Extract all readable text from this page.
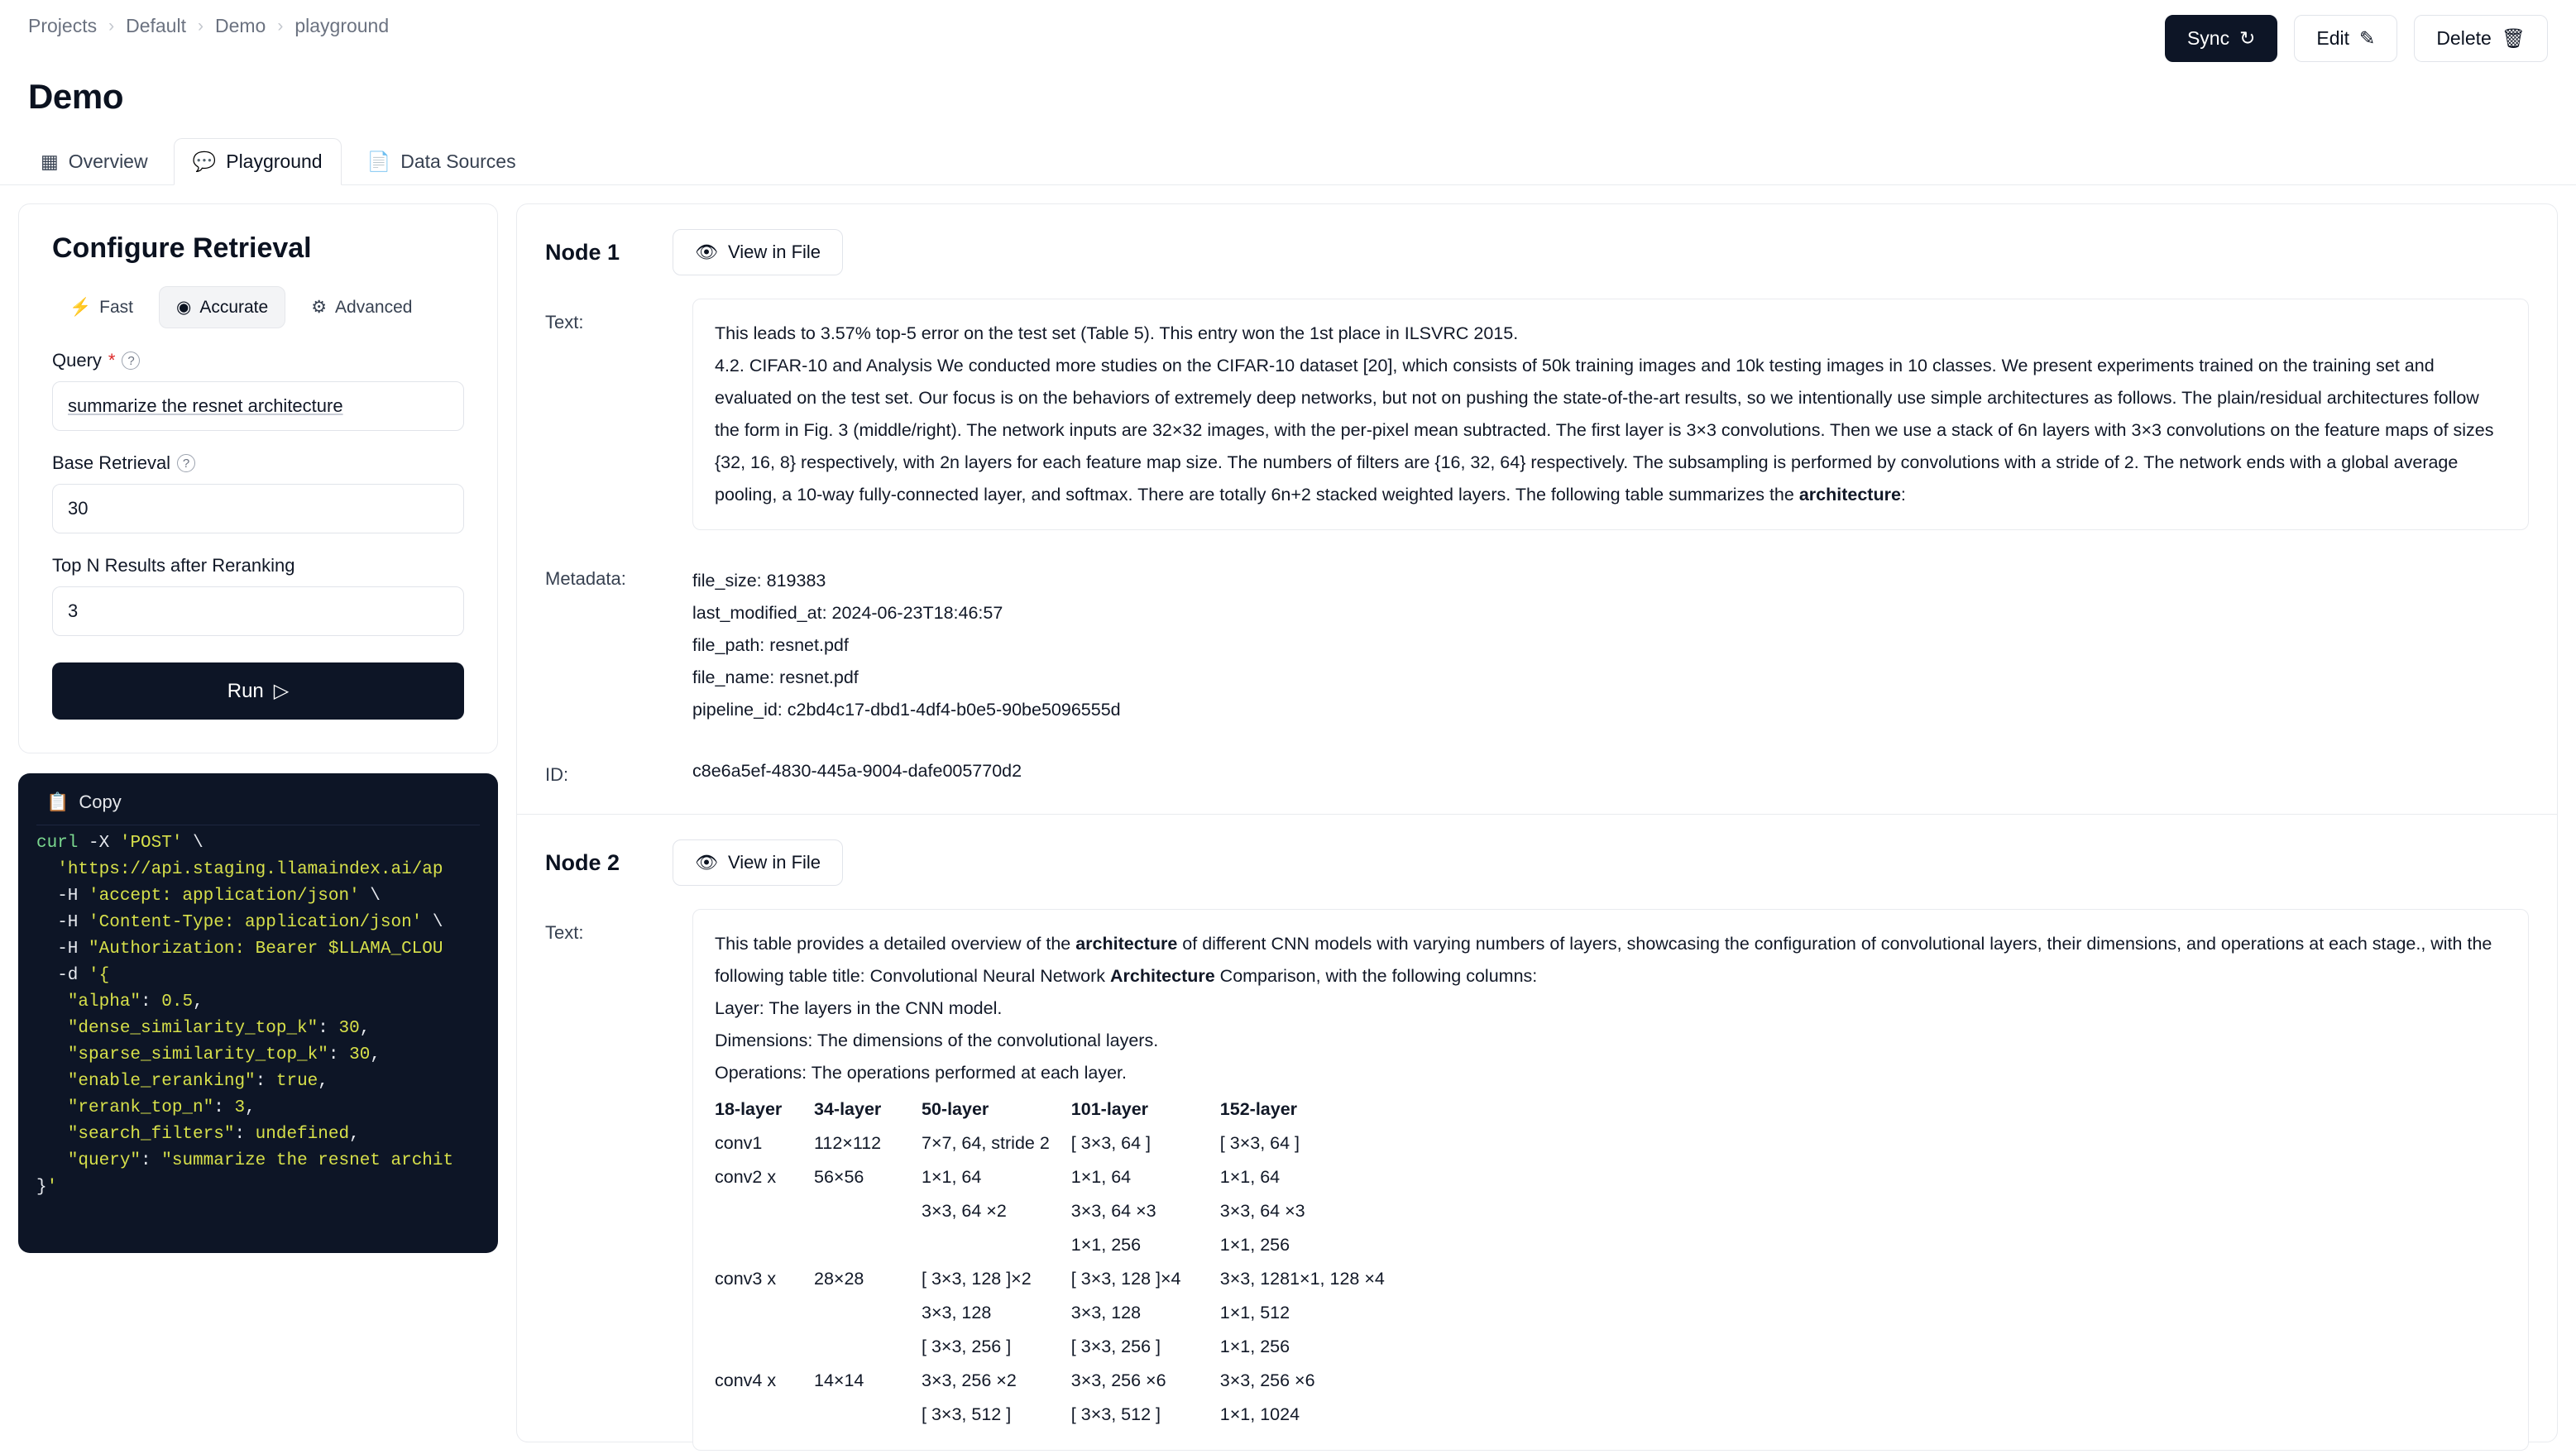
Projects › Default › Demo › playground
Sync ↻	Edit ✎	Delete 🗑
Demo
▦ Overview 💬 Playground 📄 Data Sources
Configure Retrieval
⚡ Fast ◉ Accurate ⚙ Advanced
Query * ?
summarize the resnet architecture
Base Retrieval ?
30
Top N Results after Reranking
3
Run ▷
📋 Copy
curl -X 'POST' \
'https://api.staging.llamaindex.ai/ap
-H 'accept: application/json' \
-H 'Content-Type: application/json' \
-H "Authorization: Bearer $LLAMA_CLOU
-d '{
"alpha": 0.5,
"dense_similarity_top_k": 30,
"sparse_similarity_top_k": 30,
"enable_reranking": true,
"rerank_top_n": 3,
"search_filters": undefined,
"query": "summarize the resnet archit
}'
Node 1	👁 View in File
Text:
This leads to 3.57% top-5 error on the test set (Table 5). This entry won the 1st place in ILSVRC 2015.
4.2. CIFAR-10 and Analysis We conducted more studies on the CIFAR-10 dataset [20], which consists of 50k training images and 10k testing images in 10 classes. We present experiments trained on the training set and evaluated on the test set. Our focus is on the behaviors of extremely deep networks, but not on pushing the state-of-the-art results, so we intentionally use simple architectures as follows. The plain/residual architectures follow the form in Fig. 3 (middle/right). The network inputs are 32×32 images, with the per-pixel mean subtracted. The first layer is 3×3 convolutions. Then we use a stack of 6n layers with 3×3 convolutions on the feature maps of sizes {32, 16, 8} respectively, with 2n layers for each feature map size. The numbers of filters are {16, 32, 64} respectively. The subsampling is performed by convolutions with a stride of 2. The network ends with a global average pooling, a 10-way fully-connected layer, and softmax. There are totally 6n+2 stacked weighted layers. The following table summarizes the architecture:
Metadata:	file_size: 819383
last_modified_at: 2024-06-23T18:46:57
file_path: resnet.pdf
file_name: resnet.pdf
pipeline_id: c2bd4c17-dbd1-4df4-b0e5-90be5096555d
ID:	c8e6a5ef-4830-445a-9004-dafe005770d2
Node 2	👁 View in File
Text:
This table provides a detailed overview of the architecture of different CNN models with varying numbers of layers, showcasing the configuration of convolutional layers, their dimensions, and operations at each stage., with the following table title: Convolutional Neural Network Architecture Comparison, with the following columns:
Layer: The layers in the CNN model.
Dimensions: The dimensions of the convolutional layers.
Operations: The operations performed at each layer.
18-layer	34-layer	50-layer	101-layer	152-layer
conv1	112×112	7×7, 64, stride 2	[ 3×3, 64 ]	[ 3×3, 64 ]
conv2 x	56×56	1×1, 64	1×1, 64	1×1, 64
		3×3, 64 ×2	3×3, 64 ×3	3×3, 64 ×3
			1×1, 256	1×1, 256
conv3 x	28×28	[ 3×3, 128 ]×2	[ 3×3, 128 ]×4	3×3, 1281×1, 128 ×4
		3×3, 128	3×3, 128	1×1, 512
		[ 3×3, 256 ]	[ 3×3, 256 ]	1×1, 256
conv4 x	14×14	3×3, 256 ×2	3×3, 256 ×6	3×3, 256 ×6
		[ 3×3, 512 ]	[ 3×3, 512 ]	1×1, 1024
